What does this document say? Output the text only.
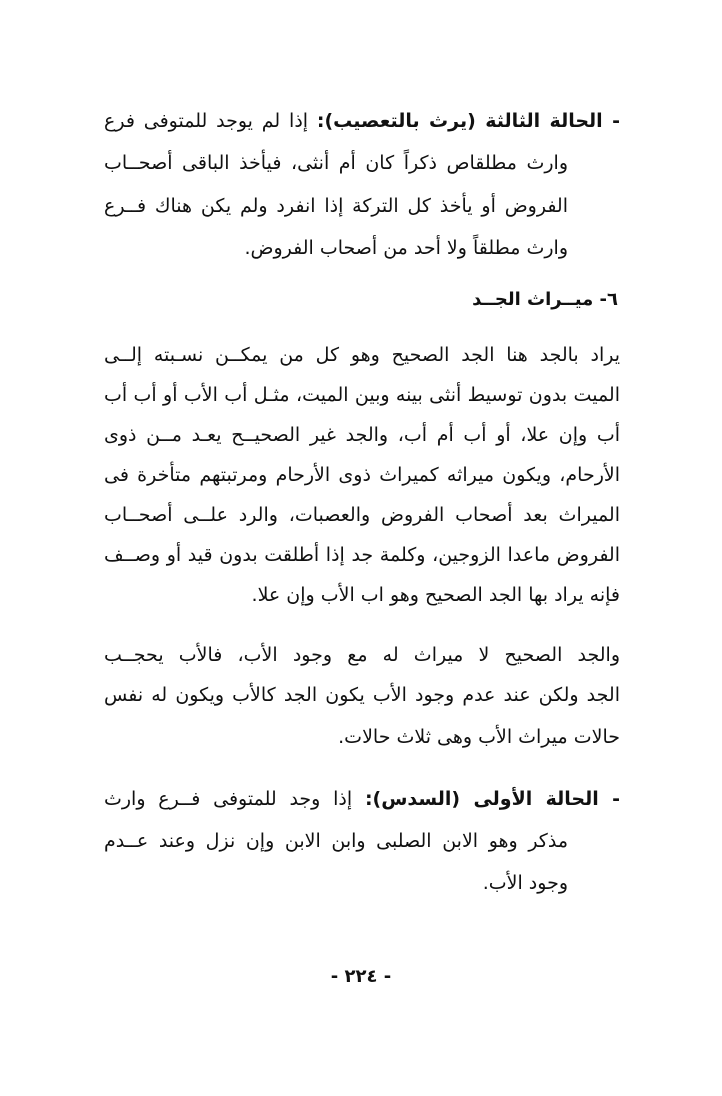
- الحالة الثالثة (يرث بالتعصيب): إذا لم يوجد للمتوفى فرع
وارث مطلقاص ذكراً كان أم أنثى، فيأخذ الباقى أصحــاب
الفروض أو يأخذ كل التركة إذا انفرد ولم يكن هناك فــرع
وارث مطلقاً ولا أحد من أصحاب الفروض.
٦- ميــراث الجــد
يراد بالجد هنا الجد الصحيح وهو كل من يمكــن نسـبته إلــى
الميت بدون توسيط أنثى بينه وبين الميت، مثـل أب الأب أو أب أب
أب وإن علا، أو أب أم أب، والجد غير الصحيــح يعـد مــن ذوى
الأرحام، ويكون ميراثه كميراث ذوى الأرحام ومرتبتهم متأخرة فى
الميراث بعد أصحاب الفروض والعصبات، والرد علــى أصحــاب
الفروض ماعدا الزوجين، وكلمة جد إذا أطلقت بدون قيد أو وصــف
فإنه يراد بها الجد الصحيح وهو اب الأب وإن علا.
والجد الصحيح لا ميراث له مع وجود الأب، فالأب يحجــب
الجد ولكن عند عدم وجود الأب يكون الجد كالأب ويكون له نفس
حالات ميراث الأب وهى ثلاث حالات.
- الحالة الأولى (السدس): إذا وجد للمتوفى فــرع وارث
مذكر وهو الابن الصلبى وابن الابن وإن نزل وعند عــدم
وجود الأب.
- ٢٢٤ -
